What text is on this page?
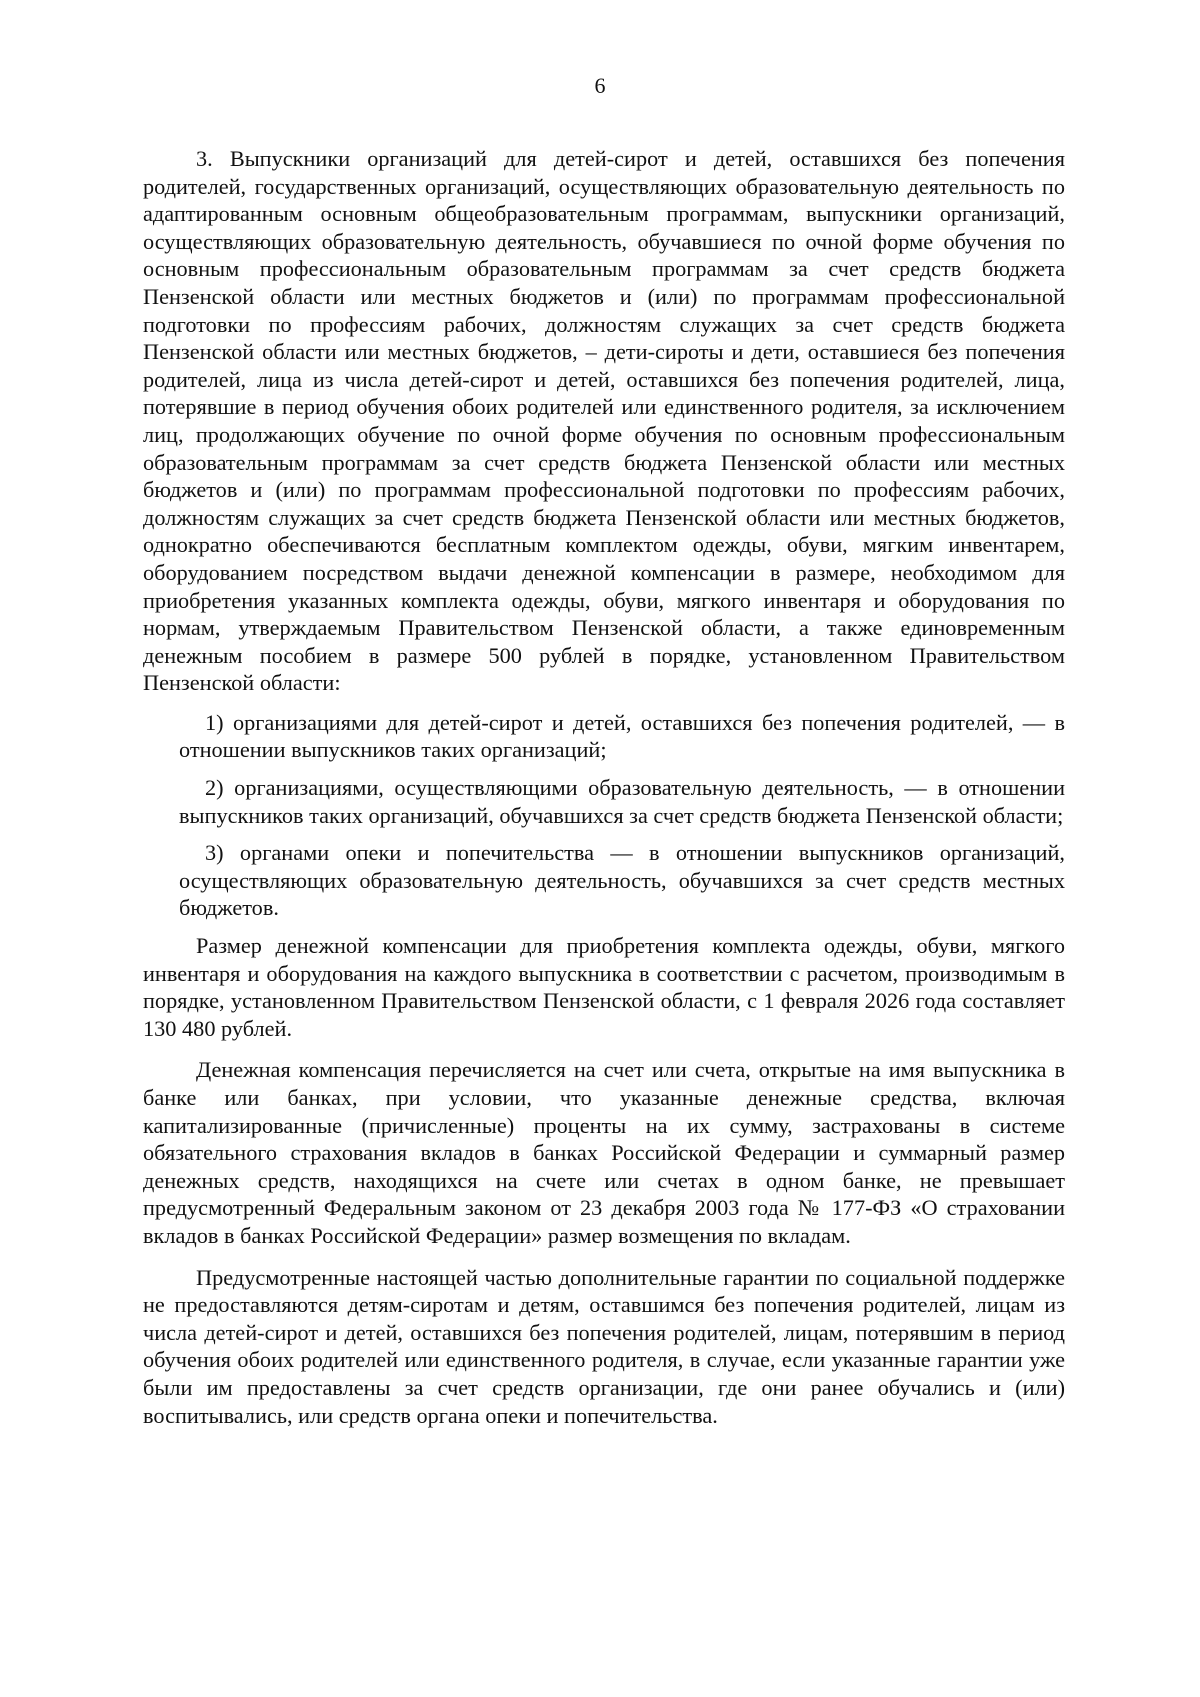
6

3. Выпускники организаций для детей-сирот и детей, оставшихся без попечения родителей, государственных организаций, осуществляющих образовательную деятельность по адаптированным основным общеобразовательным программам, выпускники организаций, осуществляющих образовательную деятельность, обучавшиеся по очной форме обучения по основным профессиональным образовательным программам за счет средств бюджета Пензенской области или местных бюджетов и (или) по программам профессиональной подготовки по профессиям рабочих, должностям служащих за счет средств бюджета Пензенской области или местных бюджетов, – дети-сироты и дети, оставшиеся без попечения родителей, лица из числа детей-сирот и детей, оставшихся без попечения родителей, лица, потерявшие в период обучения обоих родителей или единственного родителя, за исключением лиц, продолжающих обучение по очной форме обучения по основным профессиональным образовательным программам за счет средств бюджета Пензенской области или местных бюджетов и (или) по программам профессиональной подготовки по профессиям рабочих, должностям служащих за счет средств бюджета Пензенской области или местных бюджетов, однократно обеспечиваются бесплатным комплектом одежды, обуви, мягким инвентарем, оборудованием посредством выдачи денежной компенсации в размере, необходимом для приобретения указанных комплекта одежды, обуви, мягкого инвентаря и оборудования по нормам, утверждаемым Правительством Пензенской области, а также единовременным денежным пособием в размере 500 рублей в порядке, установленном Правительством Пензенской области:

1) организациями для детей-сирот и детей, оставшихся без попечения родителей, — в отношении выпускников таких организаций;
2) организациями, осуществляющими образовательную деятельность, — в отношении выпускников таких организаций, обучавшихся за счет средств бюджета Пензенской области;
3) органами опеки и попечительства — в отношении выпускников организаций, осуществляющих образовательную деятельность, обучавшихся за счет средств местных бюджетов.

Размер денежной компенсации для приобретения комплекта одежды, обуви, мягкого инвентаря и оборудования на каждого выпускника в соответствии с расчетом, производимым в порядке, установленном Правительством Пензенской области, с 1 февраля 2026 года составляет 130 480 рублей.

Денежная компенсация перечисляется на счет или счета, открытые на имя выпускника в банке или банках, при условии, что указанные денежные средства, включая капитализированные (причисленные) проценты на их сумму, застрахованы в системе обязательного страхования вкладов в банках Российской Федерации и суммарный размер денежных средств, находящихся на счете или счетах в одном банке, не превышает предусмотренный Федеральным законом от 23 декабря 2003 года № 177-ФЗ «О страховании вкладов в банках Российской Федерации» размер возмещения по вкладам.

Предусмотренные настоящей частью дополнительные гарантии по социальной поддержке не предоставляются детям-сиротам и детям, оставшимся без попечения родителей, лицам из числа детей-сирот и детей, оставшихся без попечения родителей, лицам, потерявшим в период обучения обоих родителей или единственного родителя, в случае, если указанные гарантии уже были им предоставлены за счет средств организации, где они ранее обучались и (или) воспитывались, или средств органа опеки и попечительства.
